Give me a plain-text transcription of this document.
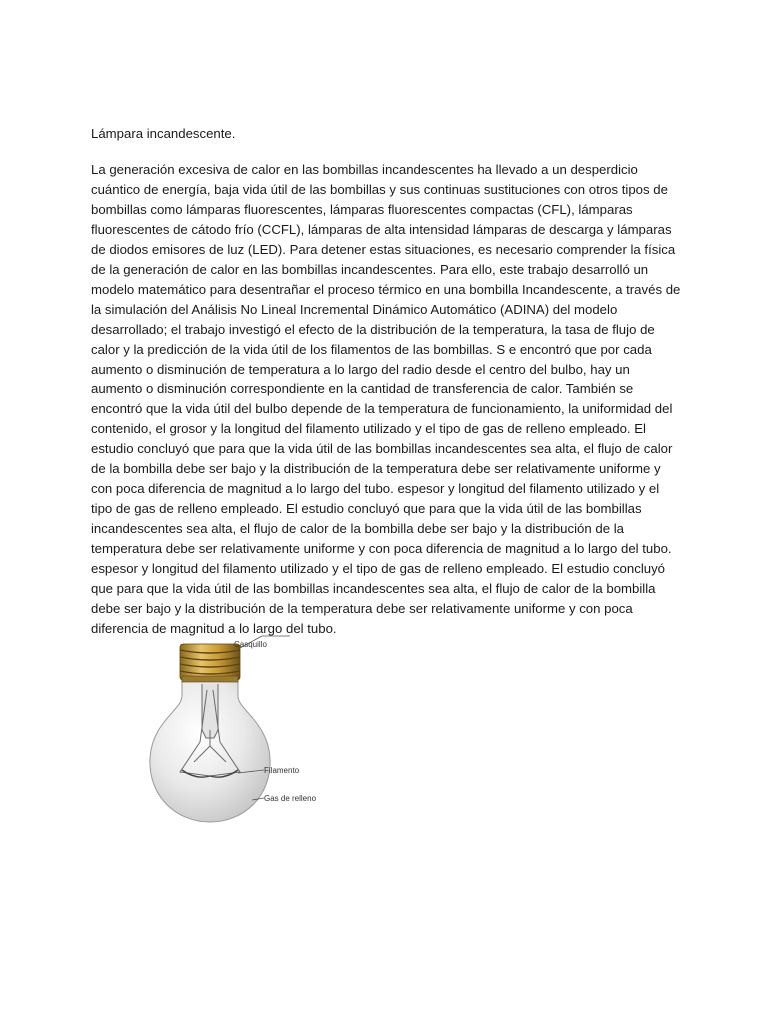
Lámpara incandescente.

La generación excesiva de calor en las bombillas incandescentes ha llevado a un desperdicio cuántico de energía, baja vida útil de las bombillas y sus continuas sustituciones con otros tipos de bombillas como lámparas fluorescentes, lámparas fluorescentes compactas (CFL), lámparas fluorescentes de cátodo frío (CCFL), lámparas de alta intensidad lámparas de descarga y lámparas de diodos emisores de luz (LED). Para detener estas situaciones, es necesario comprender la física de la generación de calor en las bombillas incandescentes. Para ello, este trabajo desarrolló un modelo matemático para desentrañar el proceso térmico en una bombilla Incandescente, a través de la simulación del Análisis No Lineal Incremental Dinámico Automático (ADINA) del modelo desarrollado; el trabajo investigó el efecto de la distribución de la temperatura, la tasa de flujo de calor y la predicción de la vida útil de los filamentos de las bombillas. S e encontró que por cada aumento o disminución de temperatura a lo largo del radio desde el centro del bulbo, hay un aumento o disminución correspondiente en la cantidad de transferencia de calor. También se encontró que la vida útil del bulbo depende de la temperatura de funcionamiento, la uniformidad del contenido, el grosor y la longitud del filamento utilizado y el tipo de gas de relleno empleado. El estudio concluyó que para que la vida útil de las bombillas incandescentes sea alta, el flujo de calor de la bombilla debe ser bajo y la distribución de la temperatura debe ser relativamente uniforme y con poca diferencia de magnitud a lo largo del tubo. espesor y longitud del filamento utilizado y el tipo de gas de relleno empleado. El estudio concluyó que para que la vida útil de las bombillas incandescentes sea alta, el flujo de calor de la bombilla debe ser bajo y la distribución de la temperatura debe ser relativamente uniforme y con poca diferencia de magnitud a lo largo del tubo. espesor y longitud del filamento utilizado y el tipo de gas de relleno empleado. El estudio concluyó que para que la vida útil de las bombillas incandescentes sea alta, el flujo de calor de la bombilla debe ser bajo y la distribución de la temperatura debe ser relativamente uniforme y con poca diferencia de magnitud a lo largo del tubo.

Casquillo
Filamento
Gas de relleno
